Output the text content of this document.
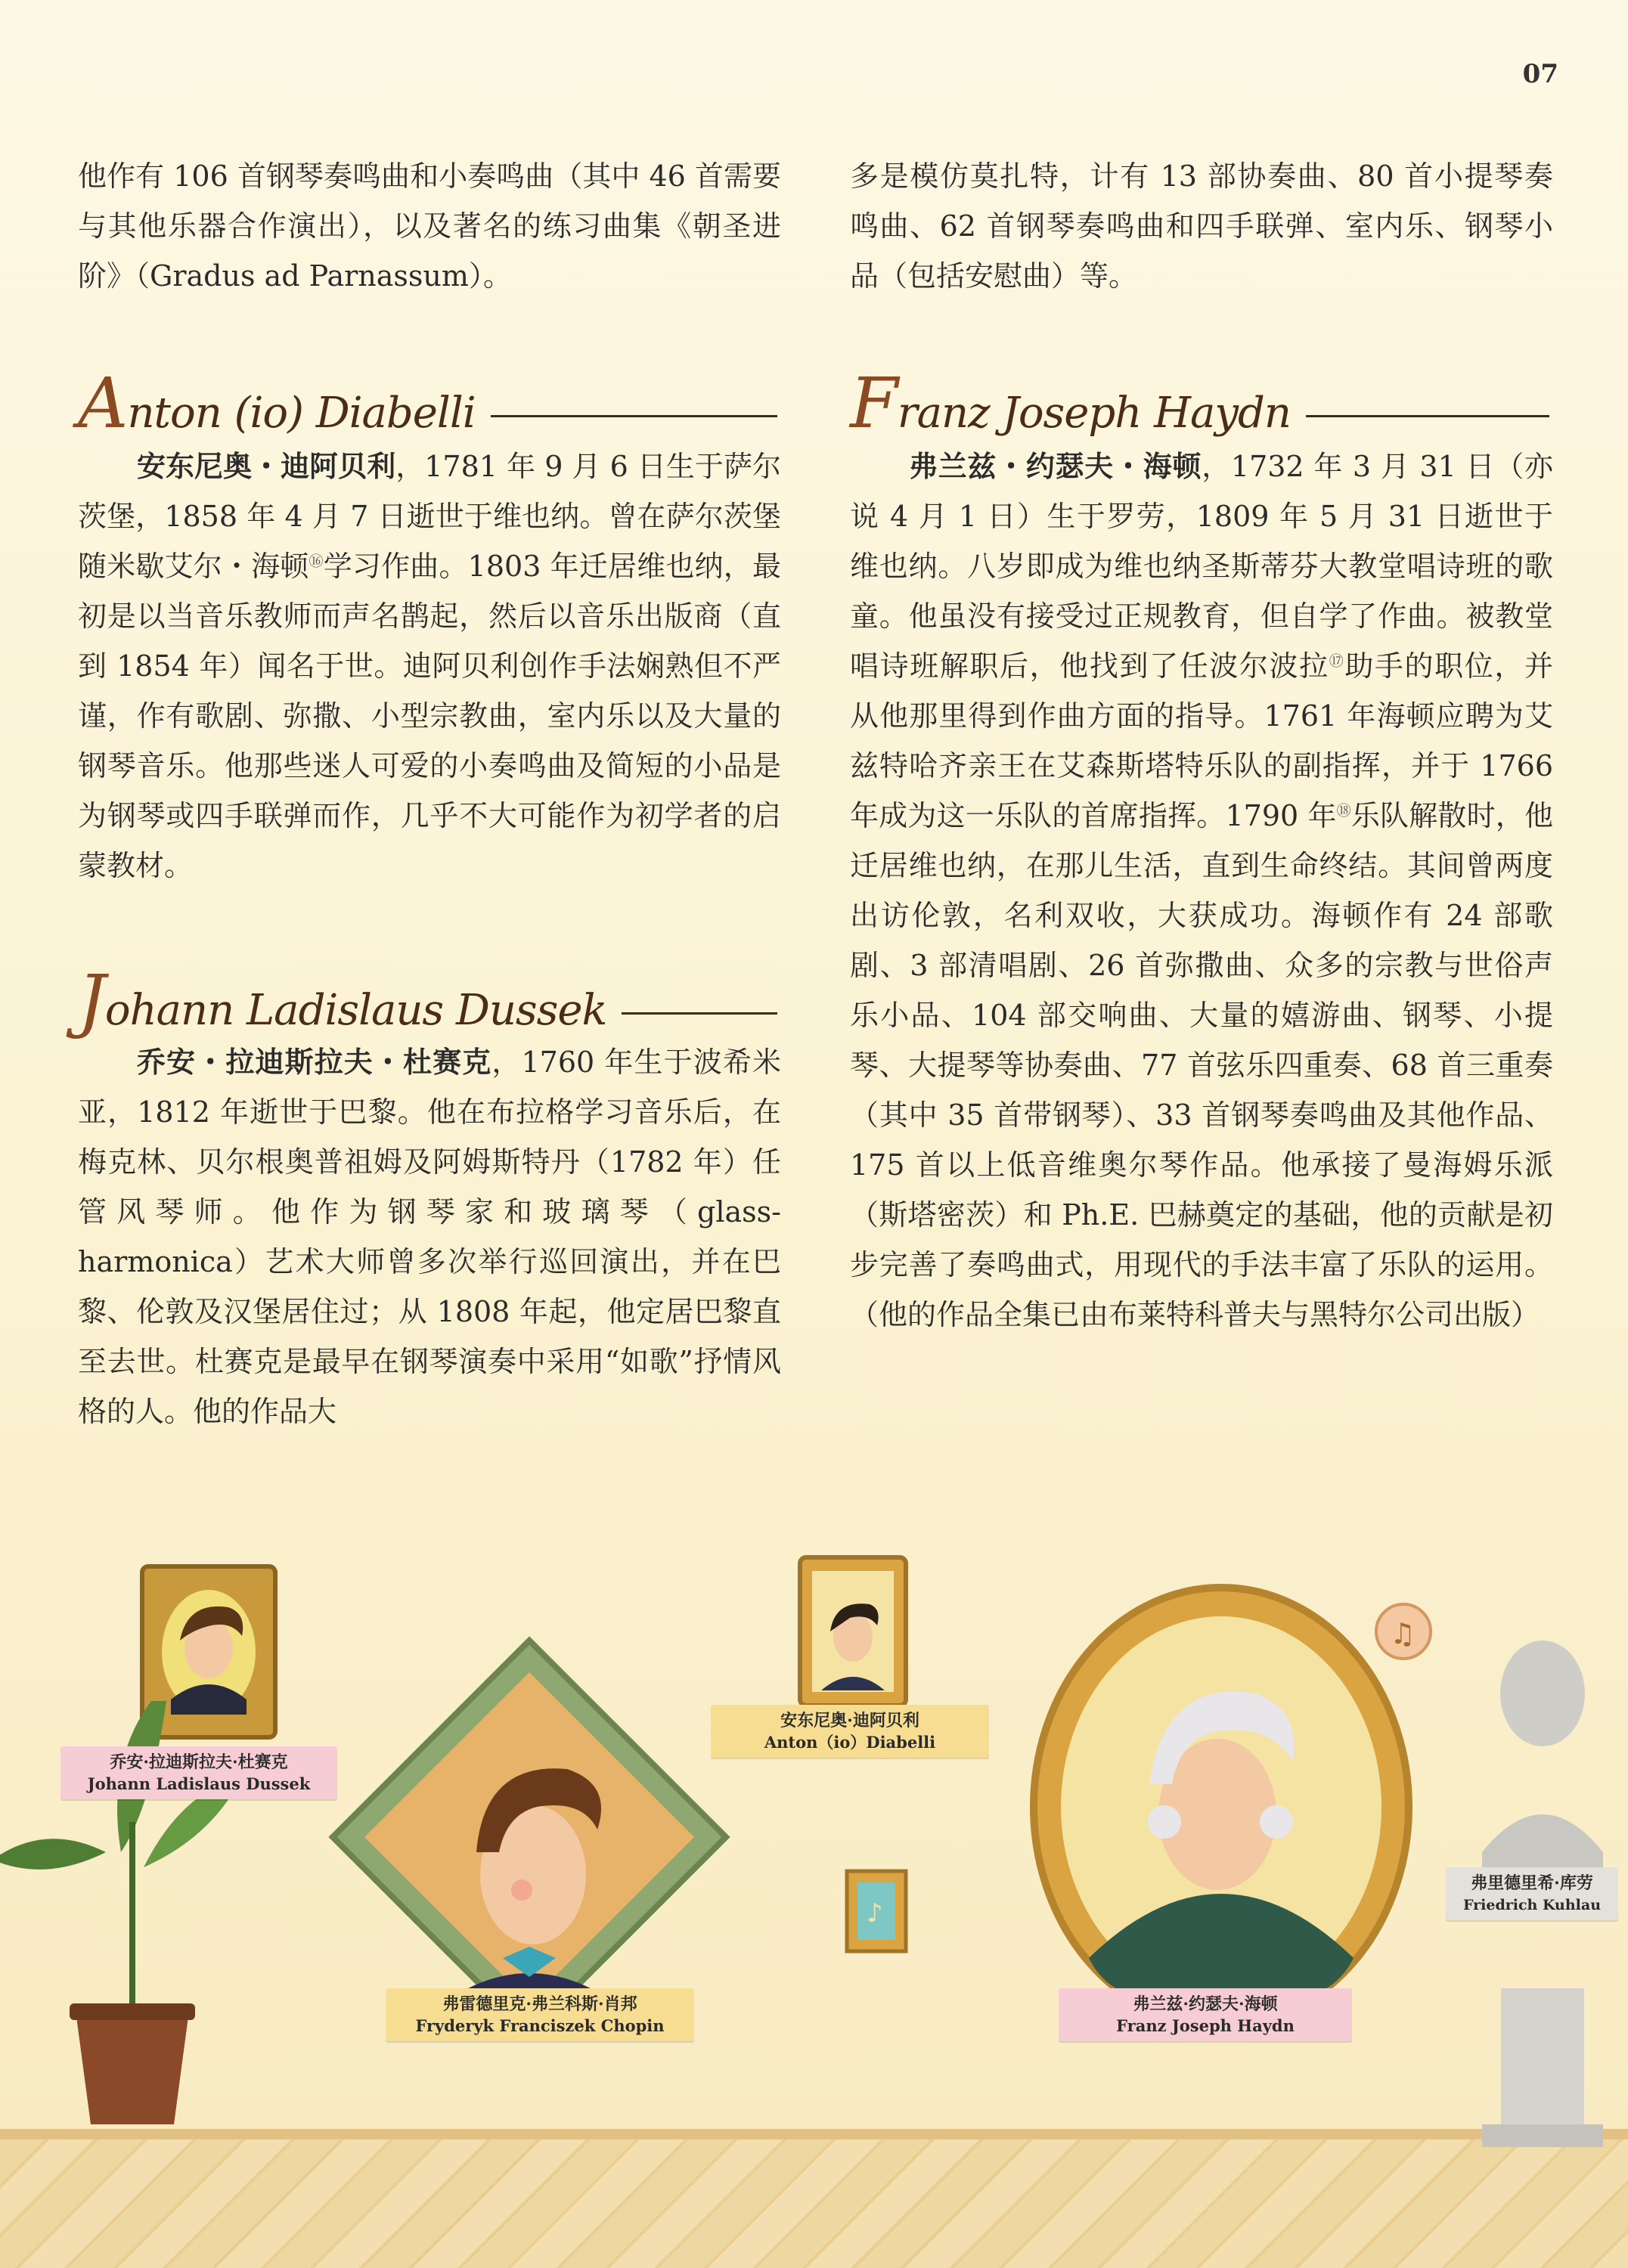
07

他作有 106 首钢琴奏鸣曲和小奏鸣曲（其中 46 首需要与其他乐器合作演出），以及著名的练习曲集《朝圣进阶》（Gradus ad Parnassum）。

多是模仿莫扎特，计有 13 部协奏曲、80 首小提琴奏鸣曲、62 首钢琴奏鸣曲和四手联弹、室内乐、钢琴小品（包括安慰曲）等。

Anton (io) Diabelli

安东尼奥・迪阿贝利，1781 年 9 月 6 日生于萨尔茨堡，1858 年 4 月 7 日逝世于维也纳。曾在萨尔茨堡随米歇艾尔・海顿⑯学习作曲。1803 年迁居维也纳，最初是以当音乐教师而声名鹊起，然后以音乐出版商（直到 1854 年）闻名于世。迪阿贝利创作手法娴熟但不严谨，作有歌剧、弥撒、小型宗教曲，室内乐以及大量的钢琴音乐。他那些迷人可爱的小奏鸣曲及简短的小品是为钢琴或四手联弹而作，几乎不大可能作为初学者的启蒙教材。

Johann Ladislaus Dussek

乔安・拉迪斯拉夫・杜赛克，1760 年生于波希米亚，1812 年逝世于巴黎。他在布拉格学习音乐后，在梅克林、贝尔根奥普祖姆及阿姆斯特丹（1782 年）任管风琴师。他作为钢琴家和玻璃琴（glass-harmonica）艺术大师曾多次举行巡回演出，并在巴黎、伦敦及汉堡居住过；从 1808 年起，他定居巴黎直至去世。杜赛克是最早在钢琴演奏中采用“如歌”抒情风格的人。他的作品大

Franz Joseph Haydn

弗兰兹・约瑟夫・海顿，1732 年 3 月 31 日（亦说 4 月 1 日）生于罗劳，1809 年 5 月 31 日逝世于维也纳。八岁即成为维也纳圣斯蒂芬大教堂唱诗班的歌童。他虽没有接受过正规教育，但自学了作曲。被教堂唱诗班解职后，他找到了任波尔波拉⑰助手的职位，并从他那里得到作曲方面的指导。1761 年海顿应聘为艾兹特哈齐亲王在艾森斯塔特乐队的副指挥，并于 1766 年成为这一乐队的首席指挥。1790 年⑱乐队解散时，他迁居维也纳，在那儿生活，直到生命终结。其间曾两度出访伦敦，名利双收，大获成功。海顿作有 24 部歌剧、3 部清唱剧、26 首弥撒曲、众多的宗教与世俗声乐小品、104 部交响曲、大量的嬉游曲、钢琴、小提琴、大提琴等协奏曲、77 首弦乐四重奏、68 首三重奏（其中 35 首带钢琴）、33 首钢琴奏鸣曲及其他作品、175 首以上低音维奥尔琴作品。他承接了曼海姆乐派（斯塔密茨）和 Ph.E. 巴赫奠定的基础，他的贡献是初步完善了奏鸣曲式，用现代的手法丰富了乐队的运用。（他的作品全集已由布莱特科普夫与黑特尔公司出版）

♪
♫
乔安·拉迪斯拉夫·杜赛克
Johann Ladislaus Dussek
安东尼奥·迪阿贝利
Anton（io）Diabelli
弗雷德里克·弗兰科斯·肖邦
Fryderyk Franciszek Chopin
弗兰兹·约瑟夫·海顿
Franz Joseph Haydn
弗里德里希·库劳
Friedrich Kuhlau
